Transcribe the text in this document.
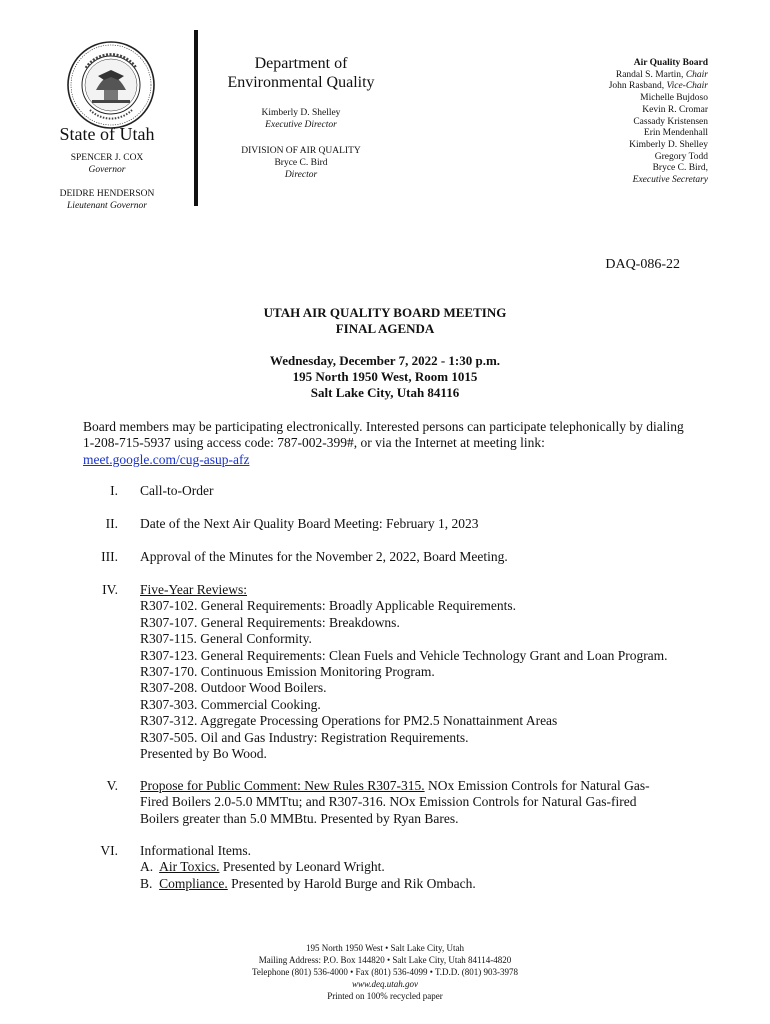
State of Utah
SPENCER J. COX
Governor
DEIDRE HENDERSON
Lieutenant Governor
Department of
Environmental Quality
Kimberly D. Shelley
Executive Director
DIVISION OF AIR QUALITY
Bryce C. Bird
Director
Air Quality Board
Randal S. Martin, Chair
John Rasband, Vice-Chair
Michelle Bujdoso
Kevin R. Cromar
Cassady Kristensen
Erin Mendenhall
Kimberly D. Shelley
Gregory Todd
Bryce C. Bird,
Executive Secretary
DAQ-086-22
UTAH AIR QUALITY BOARD MEETING
FINAL AGENDA
Wednesday, December 7, 2022 - 1:30 p.m.
195 North 1950 West, Room 1015
Salt Lake City, Utah 84116
Board members may be participating electronically. Interested persons can participate telephonically by dialing 1-208-715-5937 using access code: 787-002-399#, or via the Internet at meeting link:
meet.google.com/cug-asup-afz
I. Call-to-Order
II. Date of the Next Air Quality Board Meeting: February 1, 2023
III. Approval of the Minutes for the November 2, 2022, Board Meeting.
IV. Five-Year Reviews:
R307-102. General Requirements: Broadly Applicable Requirements.
R307-107. General Requirements: Breakdowns.
R307-115. General Conformity.
R307-123. General Requirements: Clean Fuels and Vehicle Technology Grant and Loan Program.
R307-170. Continuous Emission Monitoring Program.
R307-208. Outdoor Wood Boilers.
R307-303. Commercial Cooking.
R307-312. Aggregate Processing Operations for PM2.5 Nonattainment Areas
R307-505. Oil and Gas Industry: Registration Requirements.
Presented by Bo Wood.
V. Propose for Public Comment: New Rules R307-315. NOx Emission Controls for Natural Gas-
Fired Boilers 2.0-5.0 MMTtu; and R307-316. NOx Emission Controls for Natural Gas-fired
Boilers greater than 5.0 MMBtu. Presented by Ryan Bares.
VI. Informational Items.
A. Air Toxics. Presented by Leonard Wright.
B. Compliance. Presented by Harold Burge and Rik Ombach.
195 North 1950 West • Salt Lake City, Utah
Mailing Address: P.O. Box 144820 • Salt Lake City, Utah 84114-4820
Telephone (801) 536-4000 • Fax (801) 536-4099 • T.D.D. (801) 903-3978
www.deq.utah.gov
Printed on 100% recycled paper
